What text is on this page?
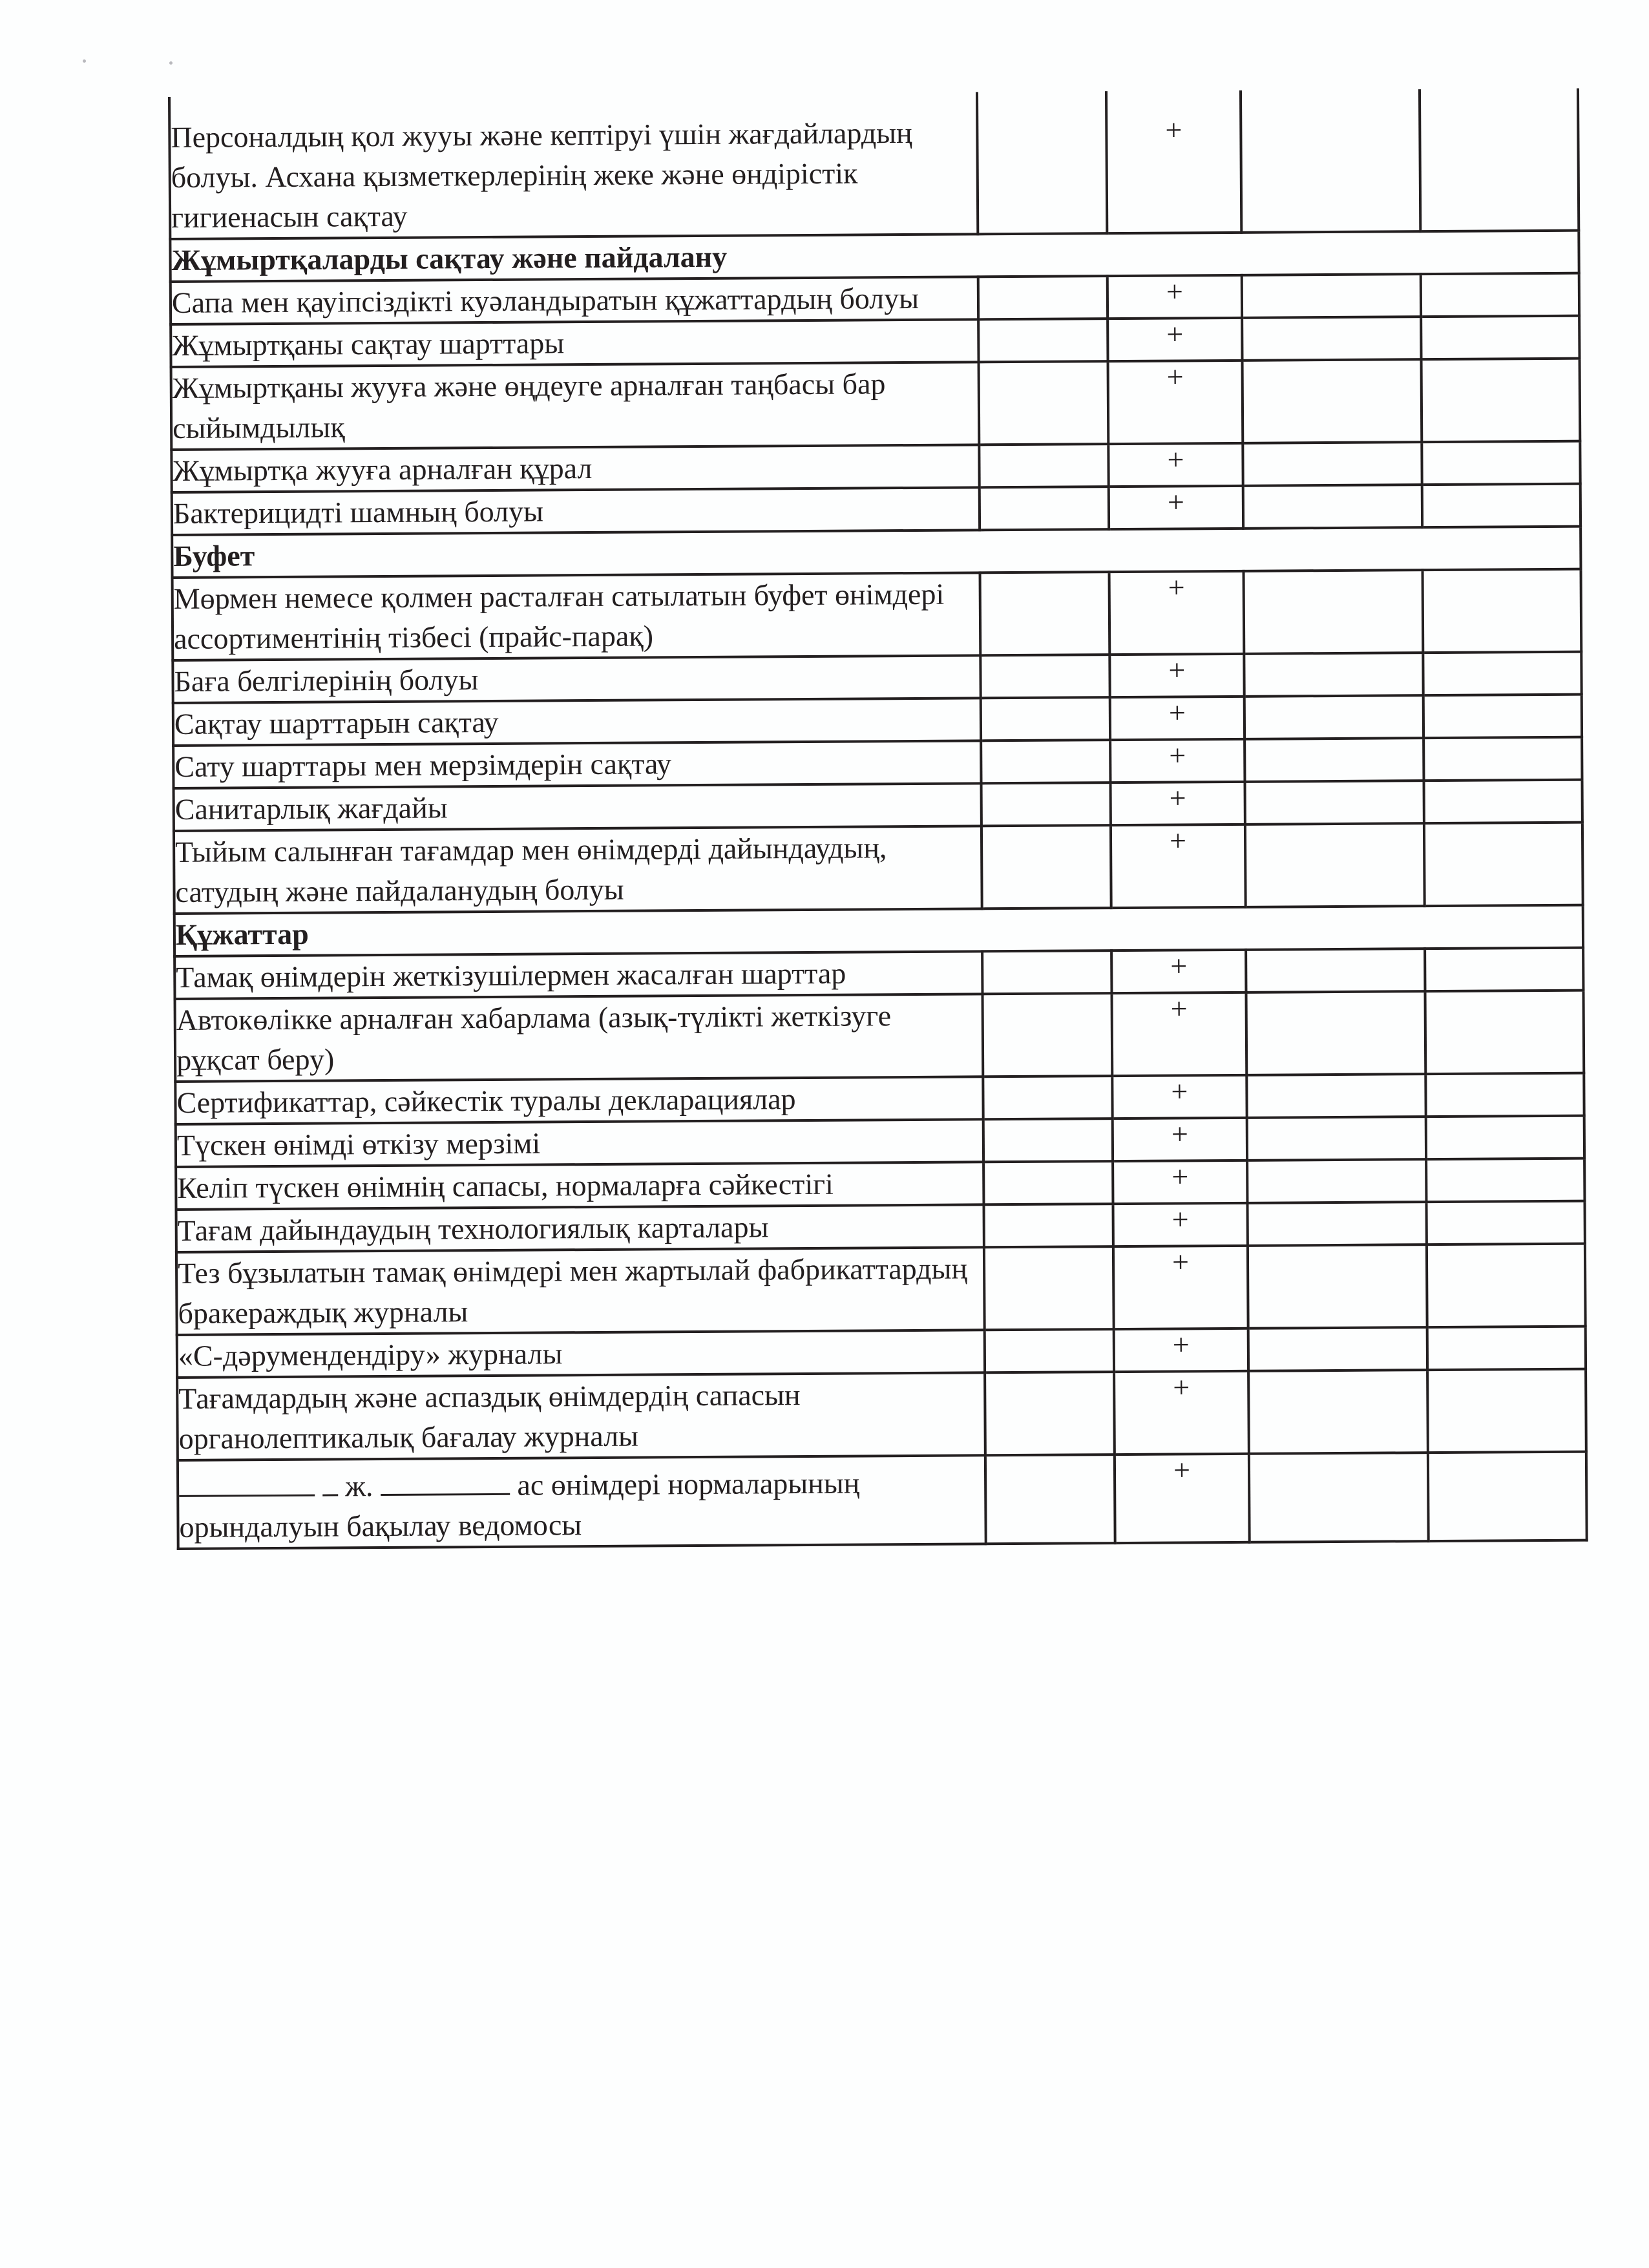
Персоналдың қол жууы және кептіруі үшін жағдайлардың болуы. Асхана қызметкерлерінің жеке және өндірістік гигиенасын сақтау		+		
Жұмыртқаларды сақтау және пайдалану				
Сапа мен қауіпсіздікті куәландыратын құжаттардың болуы		+		
Жұмыртқаны сақтау шарттары		+		
Жұмыртқаны жууға және өңдеуге арналған таңбасы бар сыйымдылық		+		
Жұмыртқа жууға арналған құрал		+		
Бактерицидті шамның болуы		+		
Буфет				
Мөрмен немесе қолмен расталған сатылатын буфет өнімдері ассортиментінің тізбесі (прайс-парақ)		+		
Баға белгілерінің болуы		+		
Сақтау шарттарын сақтау		+		
Сату шарттары мен мерзімдерін сақтау		+		
Санитарлық жағдайы		+		
Тыйым салынған тағамдар мен өнімдерді дайындаудың, сатудың және пайдаланудың болуы		+		
Құжаттар				
Тамақ өнімдерін жеткізушілермен жасалған шарттар		+		
Автокөлікке арналған хабарлама (азық-түлікті жеткізуге рұқсат беру)		+		
Сертификаттар, сәйкестік туралы декларациялар		+		
Түскен өнімді өткізу мерзімі		+		
Келіп түскен өнімнің сапасы, нормаларға сәйкестігі		+		
Тағам дайындаудың технологиялық карталары		+		
Тез бұзылатын тамақ өнімдері мен жартылай фабрикаттардың бракераждық журналы		+		
«С-дәрумендендіру» журналы		+		
Тағамдардың және аспаздық өнімдердің сапасын органолептикалық бағалау журналы		+		
ж. ас өнімдері нормаларының орындалуын бақылау ведомосы		+		
